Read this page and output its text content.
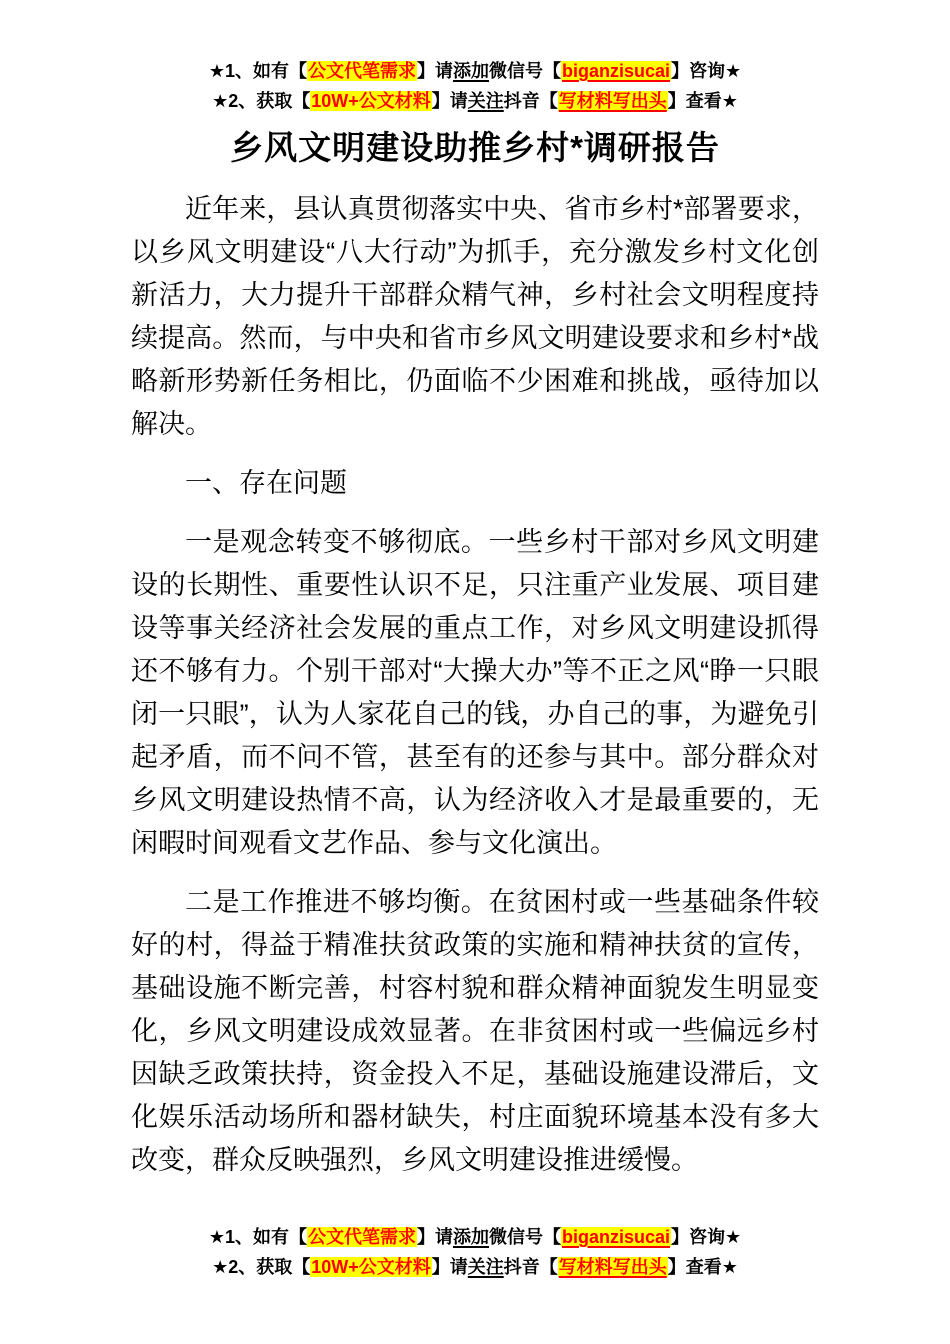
★1、如有【公文代笔需求】请添加微信号【biganzisucai】咨询★
★2、获取【10W+公文材料】请关注抖音【写材料写出头】查看★
乡风文明建设助推乡村*调研报告

近年来，县认真贯彻落实中央、省市乡村*部署要求，以乡风文明建设“八大行动”为抓手，充分激发乡村文化创新活力，大力提升干部群众精气神，乡村社会文明程度持续提高。然而，与中央和省市乡风文明建设要求和乡村*战略新形势新任务相比，仍面临不少困难和挑战，亟待加以解决。

一、存在问题

一是观念转变不够彻底。一些乡村干部对乡风文明建设的长期性、重要性认识不足，只注重产业发展、项目建设等事关经济社会发展的重点工作，对乡风文明建设抓得还不够有力。个别干部对“大操大办”等不正之风“睁一只眼闭一只眼”，认为人家花自己的钱，办自己的事，为避免引起矛盾，而不问不管，甚至有的还参与其中。部分群众对乡风文明建设热情不高，认为经济收入才是最重要的，无闲暇时间观看文艺作品、参与文化演出。

二是工作推进不够均衡。在贫困村或一些基础条件较好的村，得益于精准扶贫政策的实施和精神扶贫的宣传，基础设施不断完善，村容村貌和群众精神面貌发生明显变化，乡风文明建设成效显著。在非贫困村或一些偏远乡村因缺乏政策扶持，资金投入不足，基础设施建设滞后，文化娱乐活动场所和器材缺失，村庄面貌环境基本没有多大改变，群众反映强烈，乡风文明建设推进缓慢。

★1、如有【公文代笔需求】请添加微信号【biganzisucai】咨询★
★2、获取【10W+公文材料】请关注抖音【写材料写出头】查看★
